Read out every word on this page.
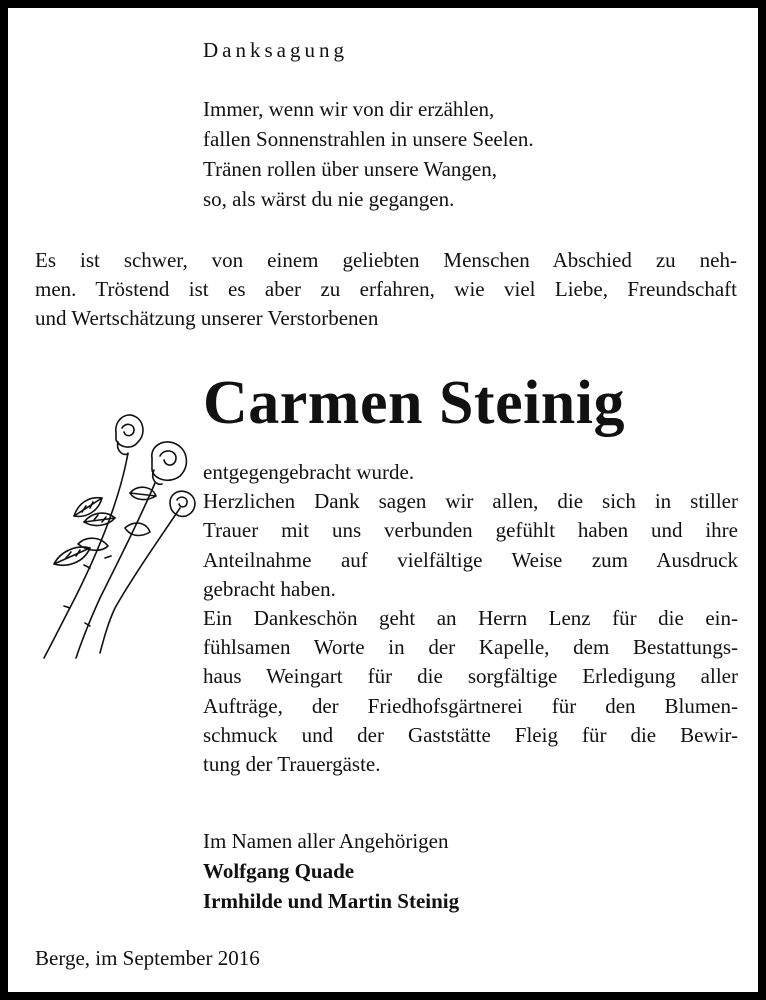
Danksagung
Immer, wenn wir von dir erzählen,
fallen Sonnenstrahlen in unsere Seelen.
Tränen rollen über unsere Wangen,
so, als wärst du nie gegangen.
Es ist schwer, von einem geliebten Menschen Abschied zu neh-
men. Tröstend ist es aber zu erfahren, wie viel Liebe, Freundschaft
und Wertschätzung unserer Verstorbenen
Carmen Steinig
entgegengebracht wurde.
Herzlichen Dank sagen wir allen, die sich in stiller
Trauer mit uns verbunden gefühlt haben und ihre
Anteilnahme auf vielfältige Weise zum Ausdruck
gebracht haben.
Ein Dankeschön geht an Herrn Lenz für die ein-
fühlsamen Worte in der Kapelle, dem Bestattungs-
haus Weingart für die sorgfältige Erledigung aller
Aufträge, der Friedhofsgärtnerei für den Blumen-
schmuck und der Gaststätte Fleig für die Bewir-
tung der Trauergäste.
Im Namen aller Angehörigen
Wolfgang Quade
Irmhilde und Martin Steinig
Berge, im September 2016
